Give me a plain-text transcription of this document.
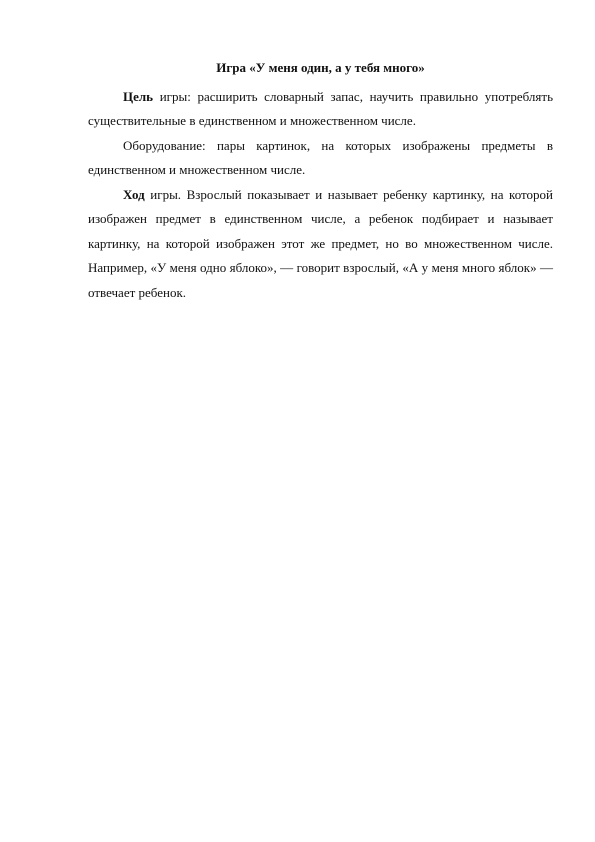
Игра «У меня один, а у тебя много»

Цель игры: расширить словарный запас, научить правильно употреблять существительные в единственном и множественном числе.

Оборудование: пары картинок, на которых изображены предметы в единственном и множественном числе.

Ход игры. Взрослый показывает и называет ребенку картинку, на которой изображен предмет в единственном числе, а ребенок подбирает и называет картинку, на которой изображен этот же предмет, но во множественном числе. Например, «У меня одно яблоко», — говорит взрослый, «А у меня много яблок» — отвечает ребенок.
